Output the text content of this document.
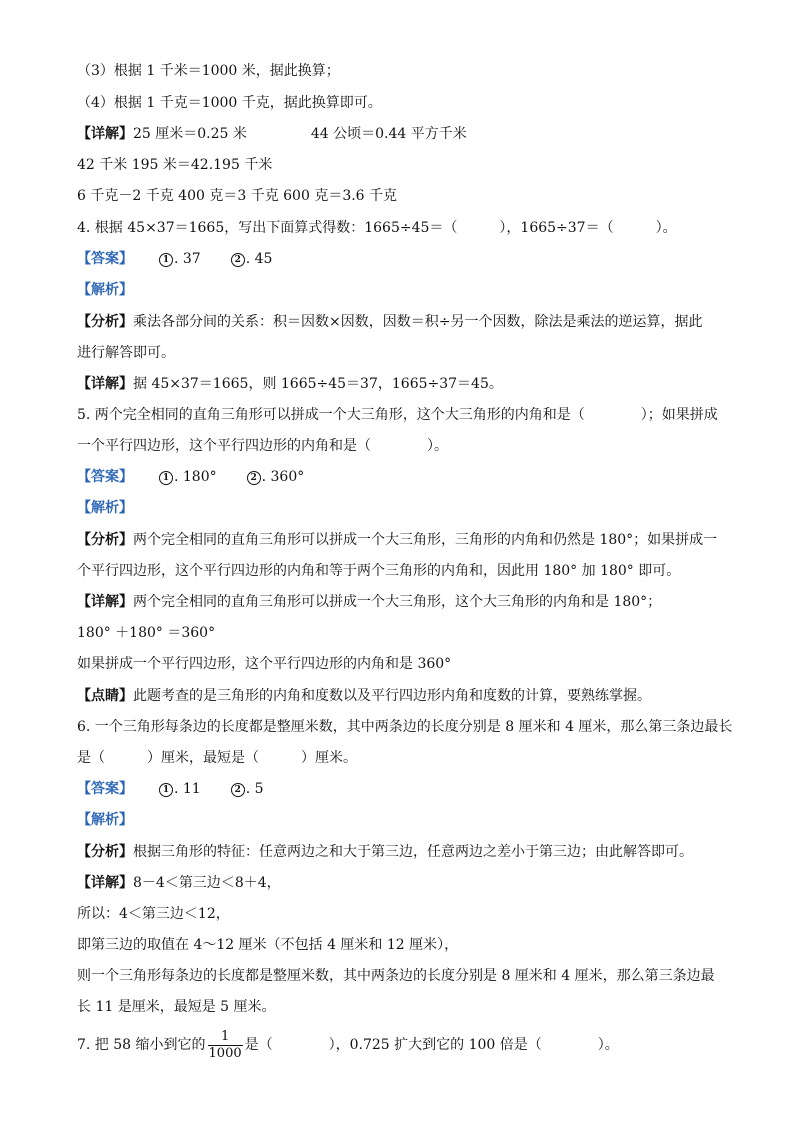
（3）根据 1 千米＝1000 米，据此换算；
（4）根据 1 千克＝1000 千克，据此换算即可。
【详解】25 厘米＝0.25 米	44 公顷＝0.44 平方千米
42 千米 195 米＝42.195 千米
6 千克－2 千克 400 克＝3 千克 600 克＝3.6 千克
4. 根据 45×37＝1665，写出下面算式得数：1665÷45＝（　　　），1665÷37＝（　　　）。
【答案】	1 . 37	2 . 45
【解析】
【分析】乘法各部分间的关系：积＝因数×因数，因数＝积÷另一个因数，除法是乘法的逆运算，据此
进行解答即可。
【详解】据 45×37＝1665，则 1665÷45＝37，1665÷37＝45。
5. 两个完全相同的直角三角形可以拼成一个大三角形，这个大三角形的内角和是（　　　　）；如果拼成
一个平行四边形，这个平行四边形的内角和是（　　　　）。
【答案】	1 . 180°	2 . 360°
【解析】
【分析】两个完全相同的直角三角形可以拼成一个大三角形，三角形的内角和仍然是 180°；如果拼成一
个平行四边形，这个平行四边形的内角和等于两个三角形的内角和，因此用 180° 加 180° 即可。
【详解】两个完全相同的直角三角形可以拼成一个大三角形，这个大三角形的内角和是 180°；
180° ＋180° ＝360°
如果拼成一个平行四边形，这个平行四边形的内角和是 360°
【点睛】此题考查的是三角形的内角和度数以及平行四边形内角和度数的计算，要熟练掌握。
6. 一个三角形每条边的长度都是整厘米数，其中两条边的长度分别是 8 厘米和 4 厘米，那么第三条边最长
是（　　　）厘米，最短是（　　　）厘米。
【答案】	1 . 11	2 . 5
【解析】
【分析】根据三角形的特征：任意两边之和大于第三边，任意两边之差小于第三边；由此解答即可。
【详解】8－4＜第三边＜8＋4，
所以：4＜第三边＜12，
即第三边的取值在 4～12 厘米（不包括 4 厘米和 12 厘米），
则一个三角形每条边的长度都是整厘米数，其中两条边的长度分别是 8 厘米和 4 厘米，那么第三条边最
长 11 是厘米，最短是 5 厘米。
7. 把 58 缩小到它的 $\frac{1}{1000}$ 是（　　　　），0.725 扩大到它的 100 倍是（　　　　）。
